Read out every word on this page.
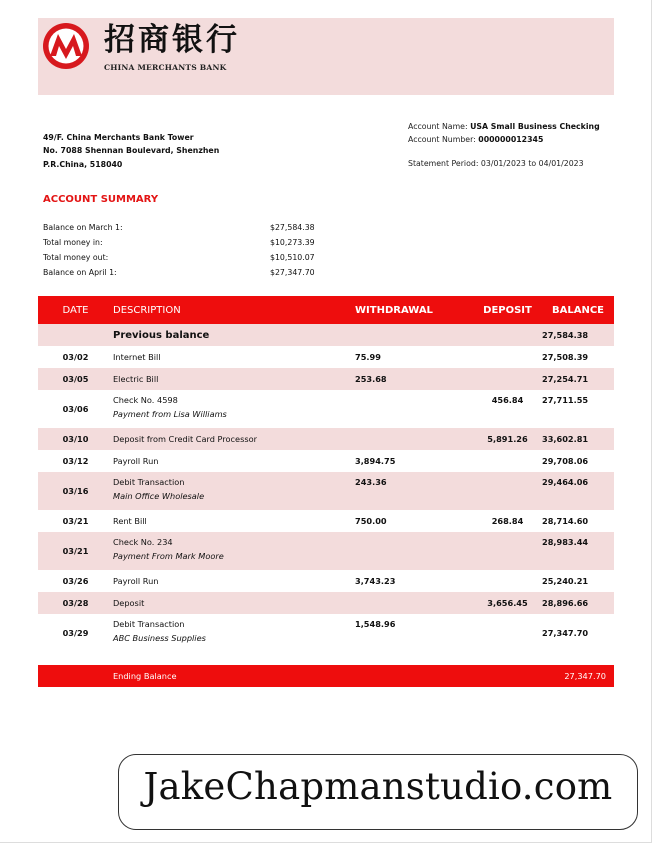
招商银行
CHINA MERCHANTS BANK
49/F. China Merchants Bank Tower
No. 7088 Shennan Boulevard, Shenzhen
P.R.China, 518040
Account Name: USA Small Business Checking
Account Number: 000000012345
Statement Period: 03/01/2023 to 04/01/2023
ACCOUNT SUMMARY
Balance on March 1:	$27,584.38
Total money in:	$10,273.39
Total money out:	$10,510.07
Balance on April 1:	$27,347.70
DATE	DESCRIPTION	WITHDRAWAL	DEPOSIT	BALANCE
	Previous balance			27,584.38
03/02	Internet Bill	75.99		27,508.39
03/05	Electric Bill	253.68		27,254.71
03/06	Check No. 4598
Payment from Lisa Williams		456.84	27,711.55
03/10	Deposit from Credit Card Processor		5,891.26	33,602.81
03/12	Payroll Run	3,894.75		29,708.06
03/16	Debit Transaction
Main Office Wholesale	243.36		29,464.06
03/21	Rent Bill	750.00	268.84	28,714.60
03/21	Check No. 234
Payment From Mark Moore			28,983.44
03/26	Payroll Run	3,743.23		25,240.21
03/28	Deposit		3,656.45	28,896.66
03/29	Debit Transaction
ABC Business Supplies	1,548.96		27,347.70

	Ending Balance			27,347.70
JakeChapmanstudio.com
